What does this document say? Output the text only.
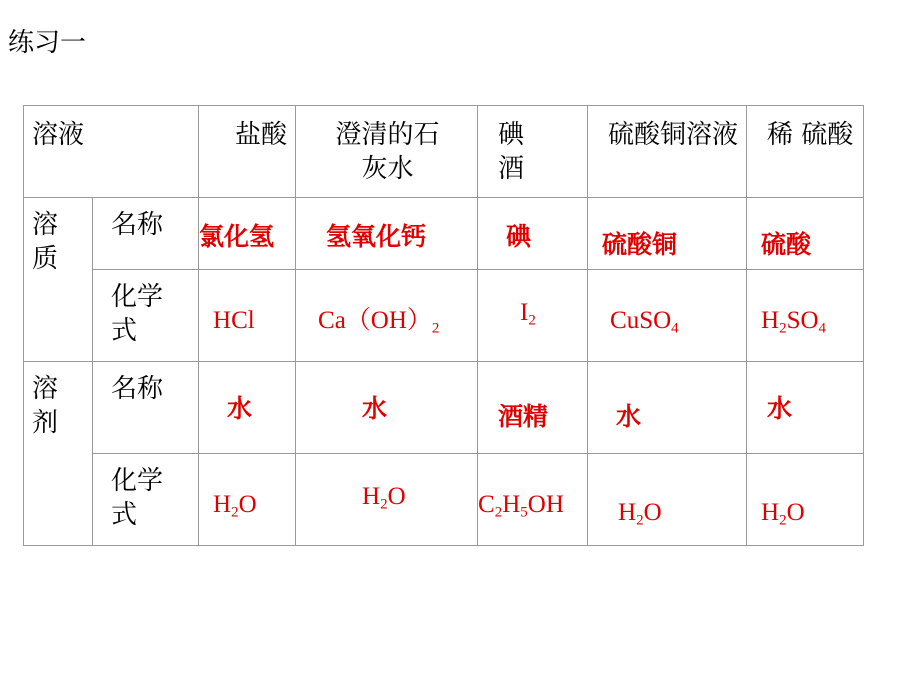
练习一
溶液		盐酸	澄清的石灰水	碘酒	硫酸铜溶液	稀 硫酸

溶质	名称	氯化氢	氢氧化钙	碘	硫酸铜	硫酸

	化学式	HCl	$Ca(OH)_2$	$I_2$	CuSO$_4$	$H_2SO_4$

溶剂	名称	水	水	酒精	水	水

	化学式	$H_2O$	$H_2O$	$C_2H_5OH$	$H_2O$	$H_2O$
